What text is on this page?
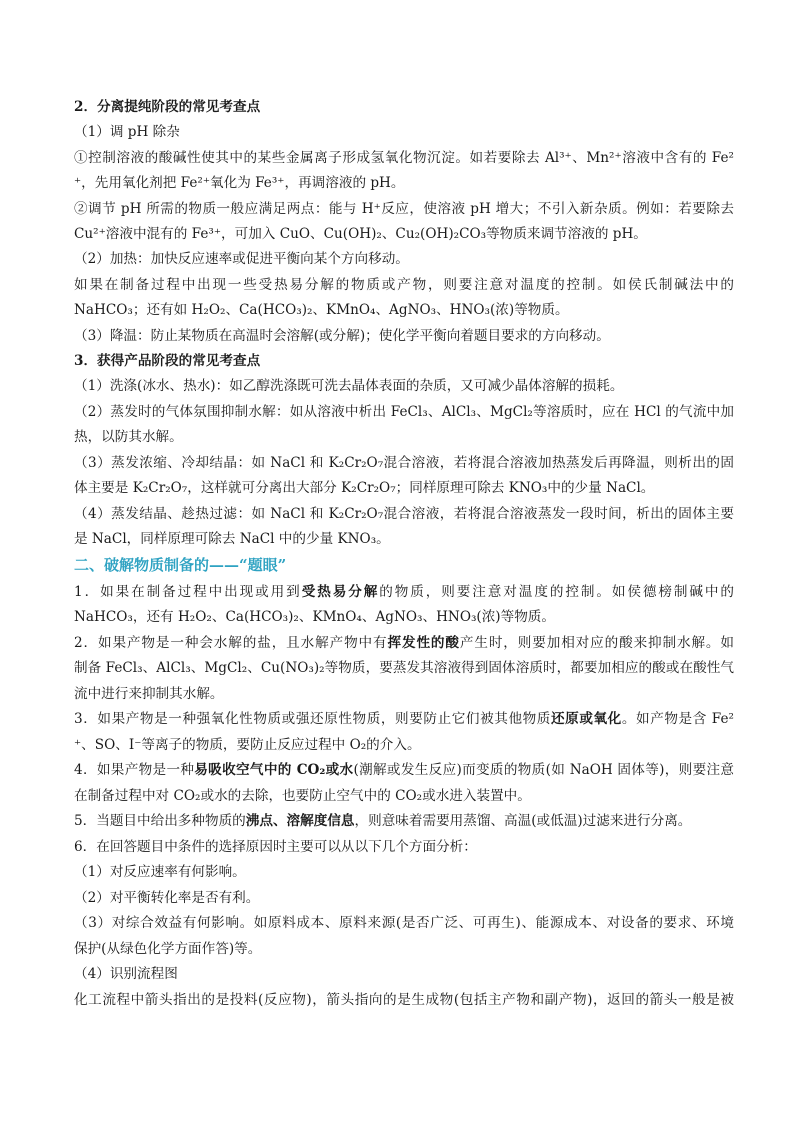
2．分离提纯阶段的常见考查点
（1）调 pH 除杂
①控制溶液的酸碱性使其中的某些金属离子形成氢氧化物沉淀。如若要除去 Al³⁺、Mn²⁺溶液中含有的 Fe²
⁺，先用氧化剂把 Fe²⁺氧化为 Fe³⁺，再调溶液的 pH。
②调节 pH 所需的物质一般应满足两点：能与 H⁺反应，使溶液 pH 增大；不引入新杂质。例如：若要除去
Cu²⁺溶液中混有的 Fe³⁺，可加入 CuO、Cu(OH)₂、Cu₂(OH)₂CO₃等物质来调节溶液的 pH。
（2）加热：加快反应速率或促进平衡向某个方向移动。
如果在制备过程中出现一些受热易分解的物质或产物，则要注意对温度的控制。如侯氏制碱法中的
NaHCO₃；还有如 H₂O₂、Ca(HCO₃)₂、KMnO₄、AgNO₃、HNO₃(浓)等物质。
（3）降温：防止某物质在高温时会溶解(或分解)；使化学平衡向着题目要求的方向移动。
3．获得产品阶段的常见考查点
（1）洗涤(冰水、热水)：如乙醇洗涤既可洗去晶体表面的杂质，又可减少晶体溶解的损耗。
（2）蒸发时的气体氛围抑制水解：如从溶液中析出 FeCl₃、AlCl₃、MgCl₂等溶质时，应在 HCl 的气流中加
热，以防其水解。
（3）蒸发浓缩、冷却结晶：如 NaCl 和 K₂Cr₂O₇混合溶液，若将混合溶液加热蒸发后再降温，则析出的固
体主要是 K₂Cr₂O₇，这样就可分离出大部分 K₂Cr₂O₇；同样原理可除去 KNO₃中的少量 NaCl。
（4）蒸发结晶、趁热过滤：如 NaCl 和 K₂Cr₂O₇混合溶液，若将混合溶液蒸发一段时间，析出的固体主要
是 NaCl，同样原理可除去 NaCl 中的少量 KNO₃。
二、破解物质制备的——“题眼”
1．如果在制备过程中出现或用到受热易分解的物质，则要注意对温度的控制。如侯德榜制碱中的
NaHCO₃，还有 H₂O₂、Ca(HCO₃)₂、KMnO₄、AgNO₃、HNO₃(浓)等物质。
2．如果产物是一种会水解的盐，且水解产物中有挥发性的酸产生时，则要加相对应的酸来抑制水解。如
制备 FeCl₃、AlCl₃、MgCl₂、Cu(NO₃)₂等物质，要蒸发其溶液得到固体溶质时，都要加相应的酸或在酸性气
流中进行来抑制其水解。
3．如果产物是一种强氧化性物质或强还原性物质，则要防止它们被其他物质还原或氧化。如产物是含 Fe²
⁺、SO、I⁻等离子的物质，要防止反应过程中 O₂的介入。
4．如果产物是一种易吸收空气中的 CO₂或水(潮解或发生反应)而变质的物质(如 NaOH 固体等)，则要注意
在制备过程中对 CO₂或水的去除，也要防止空气中的 CO₂或水进入装置中。
5．当题目中给出多种物质的沸点、溶解度信息，则意味着需要用蒸馏、高温(或低温)过滤来进行分离。
6．在回答题目中条件的选择原因时主要可以从以下几个方面分析：
（1）对反应速率有何影响。
（2）对平衡转化率是否有利。
（3）对综合效益有何影响。如原料成本、原料来源(是否广泛、可再生)、能源成本、对设备的要求、环境
保护(从绿色化学方面作答)等。
（4）识别流程图
化工流程中箭头指出的是投料(反应物)，箭头指向的是生成物(包括主产物和副产物)，返回的箭头一般是被
